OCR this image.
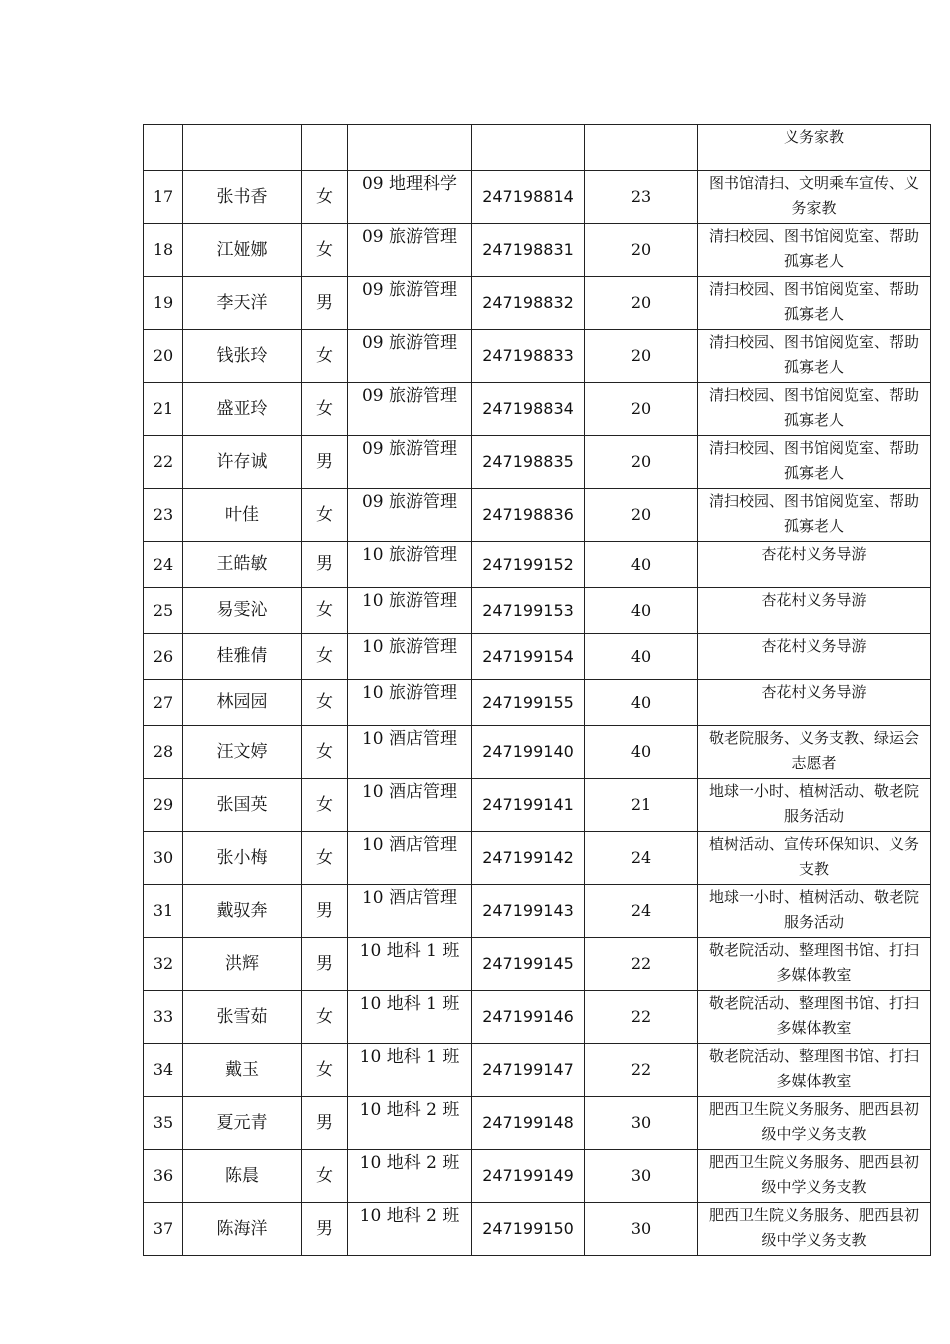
						义务家教
17	张书香	女	09 地理科学	247198814	23	图书馆清扫、文明乘车宣传、义务家教
18	江娅娜	女	09 旅游管理	247198831	20	清扫校园、图书馆阅览室、帮助孤寡老人
19	李天洋	男	09 旅游管理	247198832	20	清扫校园、图书馆阅览室、帮助孤寡老人
20	钱张玲	女	09 旅游管理	247198833	20	清扫校园、图书馆阅览室、帮助孤寡老人
21	盛亚玲	女	09 旅游管理	247198834	20	清扫校园、图书馆阅览室、帮助孤寡老人
22	许存诚	男	09 旅游管理	247198835	20	清扫校园、图书馆阅览室、帮助孤寡老人
23	叶佳	女	09 旅游管理	247198836	20	清扫校园、图书馆阅览室、帮助孤寡老人
24	王皓敏	男	10 旅游管理	247199152	40	杏花村义务导游
25	易雯沁	女	10 旅游管理	247199153	40	杏花村义务导游
26	桂雅倩	女	10 旅游管理	247199154	40	杏花村义务导游
27	林园园	女	10 旅游管理	247199155	40	杏花村义务导游
28	汪文婷	女	10 酒店管理	247199140	40	敬老院服务、义务支教、绿运会志愿者
29	张国英	女	10 酒店管理	247199141	21	地球一小时、植树活动、敬老院服务活动
30	张小梅	女	10 酒店管理	247199142	24	植树活动、宣传环保知识、义务支教
31	戴驭奔	男	10 酒店管理	247199143	24	地球一小时、植树活动、敬老院服务活动
32	洪辉	男	10 地科 1 班	247199145	22	敬老院活动、整理图书馆、打扫多媒体教室
33	张雪茹	女	10 地科 1 班	247199146	22	敬老院活动、整理图书馆、打扫多媒体教室
34	戴玉	女	10 地科 1 班	247199147	22	敬老院活动、整理图书馆、打扫多媒体教室
35	夏元青	男	10 地科 2 班	247199148	30	肥西卫生院义务服务、肥西县初级中学义务支教
36	陈晨	女	10 地科 2 班	247199149	30	肥西卫生院义务服务、肥西县初级中学义务支教
37	陈海洋	男	10 地科 2 班	247199150	30	肥西卫生院义务服务、肥西县初级中学义务支教
